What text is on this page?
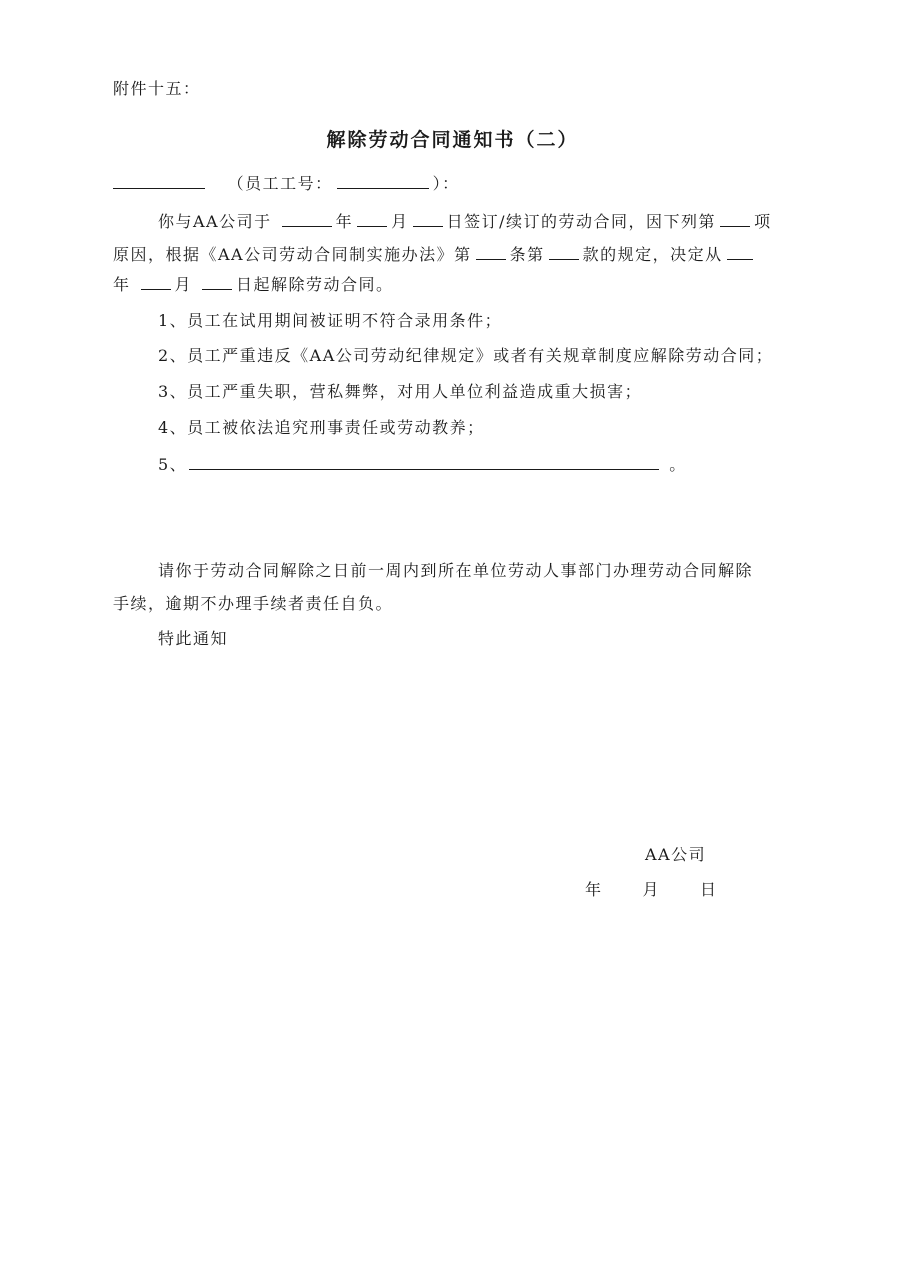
附件十五：
解除劳动合同通知书（二）
（员工工号：	）：
你与AA公司于	年 月 日签订/续订的劳动合同，因下列第 项
原因，根据《AA公司劳动合同制实施办法》第 条第 款的规定，决定从
年	月	日起解除劳动合同。
1、员工在试用期间被证明不符合录用条件；
2、员工严重违反《AA公司劳动纪律规定》或者有关规章制度应解除劳动合同；
3、员工严重失职，营私舞弊，对用人单位利益造成重大损害；
4、员工被依法追究刑事责任或劳动教养；
5、	。
请你于劳动合同解除之日前一周内到所在单位劳动人事部门办理劳动合同解除
手续，逾期不办理手续者责任自负。
特此通知
AA公司
年	月	日
